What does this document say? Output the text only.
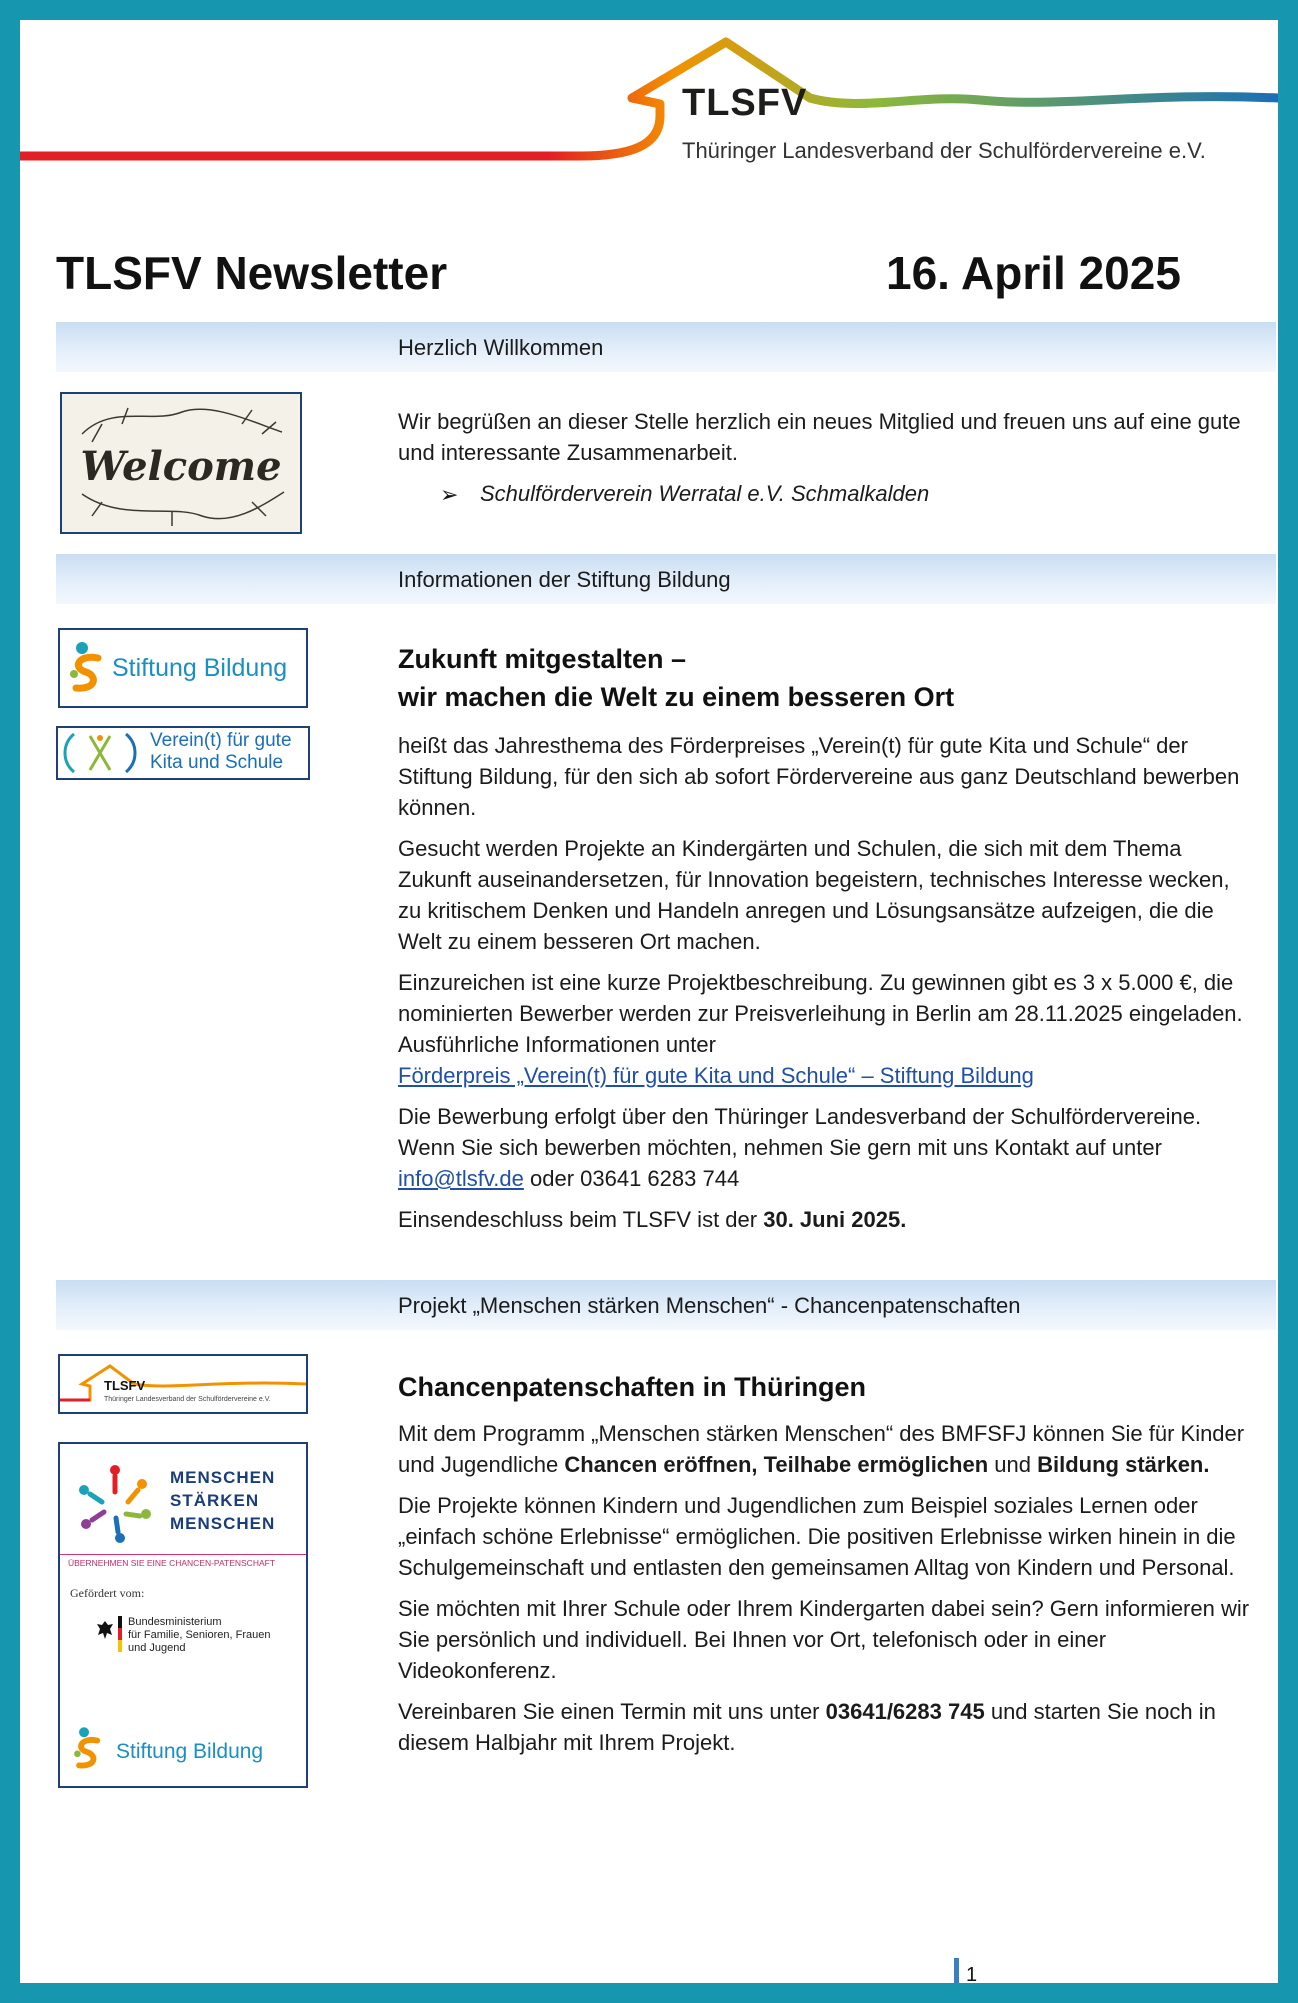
TLSFV
Thüringer Landesverband der Schulfördervereine e.V.
TLSFV Newsletter	16. April 2025
Herzlich Willkommen
Welcome
Wir begrüßen an dieser Stelle herzlich ein neues Mitglied und freuen uns auf eine gute und interessante Zusammenarbeit.
➢ Schulförderverein Werratal e.V. Schmalkalden
Informationen der Stiftung Bildung
Stiftung Bildung
Verein(t) für gute
Kita und Schule
Zukunft mitgestalten –
wir machen die Welt zu einem besseren Ort

heißt das Jahresthema des Förderpreises „Verein(t) für gute Kita und Schule“ der Stiftung Bildung, für den sich ab sofort Fördervereine aus ganz Deutschland bewerben können.

Gesucht werden Projekte an Kindergärten und Schulen, die sich mit dem Thema Zukunft auseinandersetzen, für Innovation begeistern, technisches Interesse wecken, zu kritischem Denken und Handeln anregen und Lösungsansätze aufzeigen, die die Welt zu einem besseren Ort machen.

Einzureichen ist eine kurze Projektbeschreibung. Zu gewinnen gibt es 3 x 5.000 €, die nominierten Bewerber werden zur Preisverleihung in Berlin am 28.11.2025 eingeladen. Ausführliche Informationen unter
Förderpreis „Verein(t) für gute Kita und Schule“ – Stiftung Bildung

Die Bewerbung erfolgt über den Thüringer Landesverband der Schulfördervereine. Wenn Sie sich bewerben möchten, nehmen Sie gern mit uns Kontakt auf unter
info@tlsfv.de oder 03641 6283 744

Einsendeschluss beim TLSFV ist der 30. Juni 2025.

Projekt „Menschen stärken Menschen“ - Chancenpatenschaften
TLSFV
Thüringer Landesverband der Schulfördervereine e.V.
MENSCHEN
STÄRKEN
MENSCHEN
ÜBERNEHMEN SIE EINE CHANCEN-PATENSCHAFT
Gefördert vom:
Bundesministerium
für Familie, Senioren, Frauen
und Jugend
Stiftung Bildung
Chancenpatenschaften in Thüringen

Mit dem Programm „Menschen stärken Menschen“ des BMFSFJ können Sie für Kinder und Jugendliche Chancen eröffnen, Teilhabe ermöglichen und Bildung stärken.

Die Projekte können Kindern und Jugendlichen zum Beispiel soziales Lernen oder „einfach schöne Erlebnisse“ ermöglichen. Die positiven Erlebnisse wirken hinein in die Schulgemeinschaft und entlasten den gemeinsamen Alltag von Kindern und Personal.

Sie möchten mit Ihrer Schule oder Ihrem Kindergarten dabei sein? Gern informieren wir Sie persönlich und individuell. Bei Ihnen vor Ort, telefonisch oder in einer Videokonferenz.

Vereinbaren Sie einen Termin mit uns unter 03641/6283 745 und starten Sie noch in diesem Halbjahr mit Ihrem Projekt.

1
